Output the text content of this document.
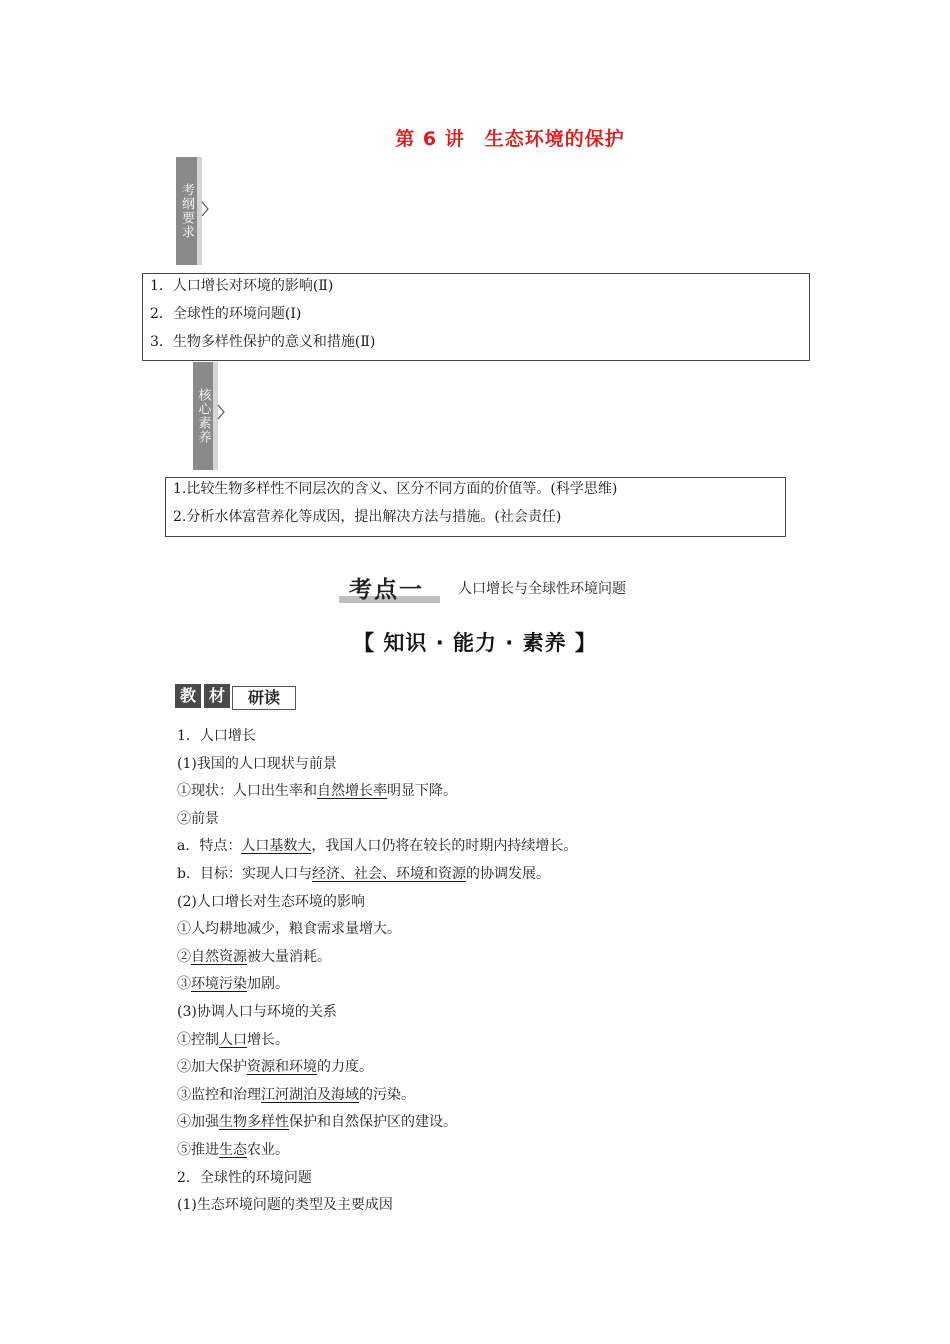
第 6 讲　生态环境的保护
考纲要求
1．人口增长对环境的影响(Ⅱ)
2．全球性的环境问题(Ⅰ)
3．生物多样性保护的意义和措施(Ⅱ)
核心素养
1.比较生物多样性不同层次的含义、区分不同方面的价值等。(科学思维)
2.分析水体富营养化等成因，提出解决方法与措施。(社会责任)
考点一 人口增长与全球性环境问题
【 知识 · 能力 · 素养 】
教 材	研读
1．人口增长
(1)我国的人口现状与前景
①现状：人口出生率和自然增长率明显下降。
②前景
a．特点：人口基数大，我国人口仍将在较长的时期内持续增长。
b．目标：实现人口与经济、社会、环境和资源的协调发展。
(2)人口增长对生态环境的影响
①人均耕地减少，粮食需求量增大。
②自然资源被大量消耗。
③环境污染加剧。
(3)协调人口与环境的关系
①控制人口增长。
②加大保护资源和环境的力度。
③监控和治理江河湖泊及海域的污染。
④加强生物多样性保护和自然保护区的建设。
⑤推进生态农业。
2．全球性的环境问题
(1)生态环境问题的类型及主要成因
